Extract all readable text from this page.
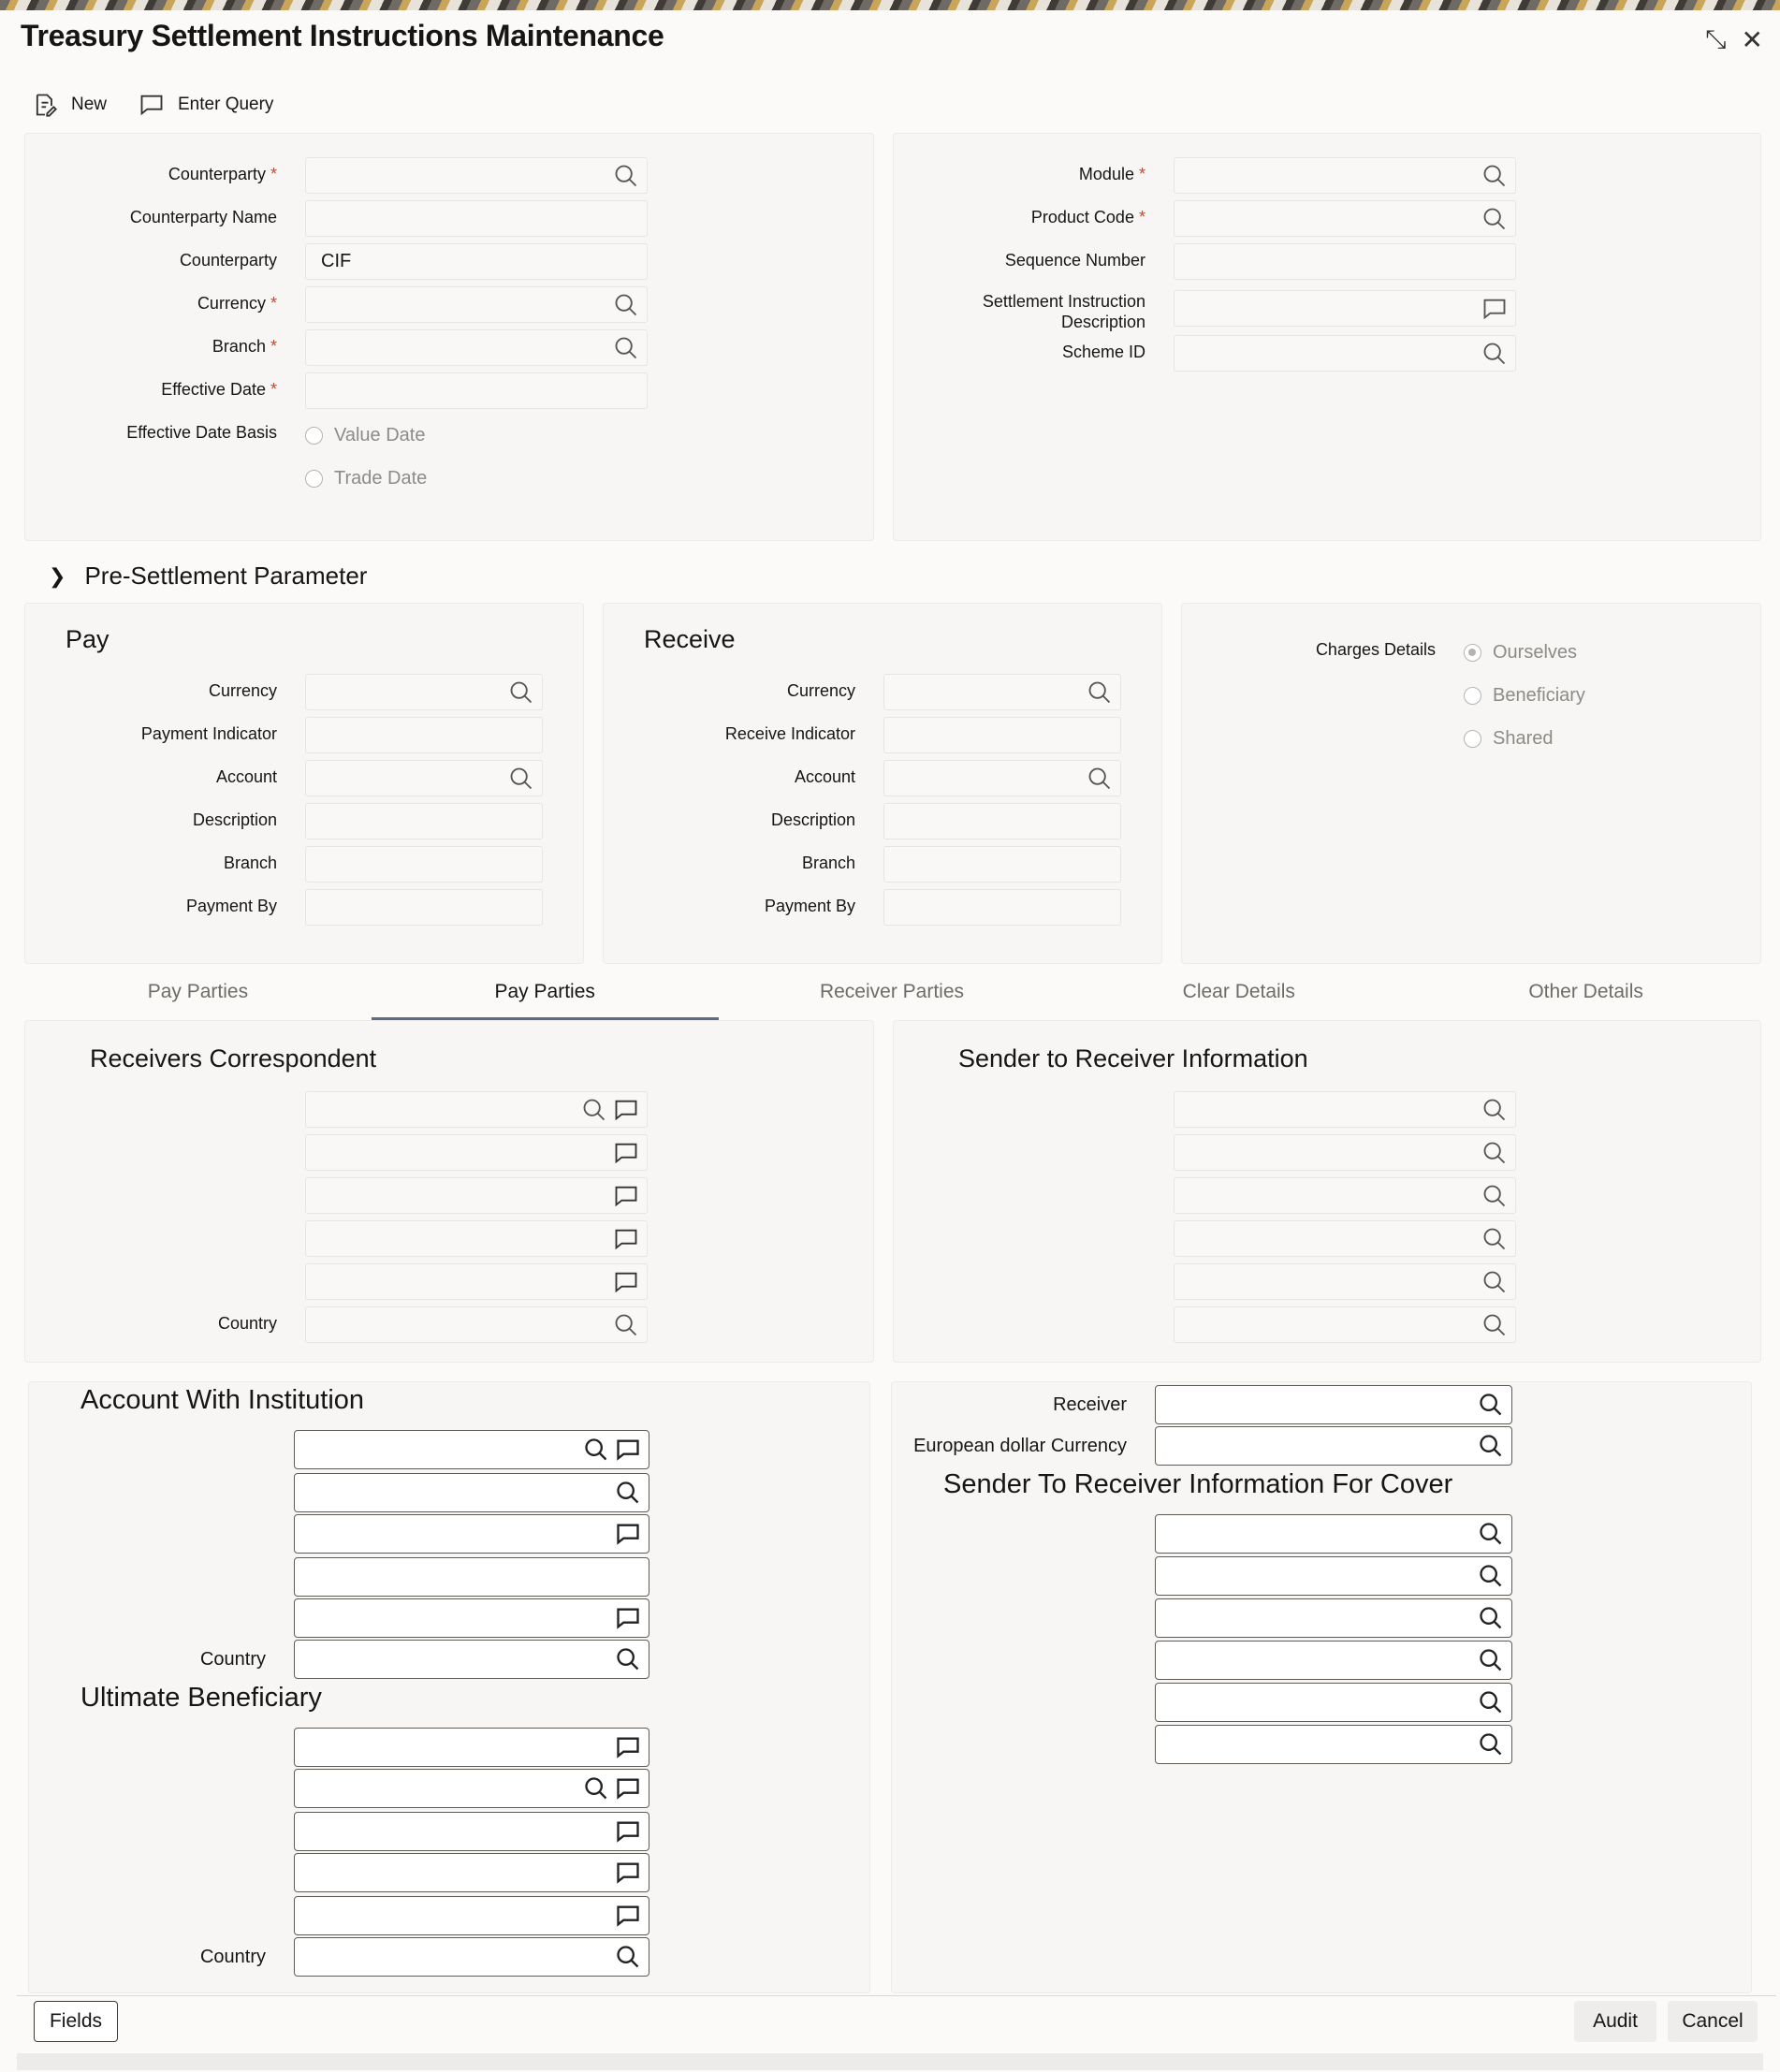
Treasury Settlement Instructions Maintenance	⤡ ✕
New	Enter Query
Counterparty *
Counterparty Name
Counterparty	CIF
Currency *
Branch *
Effective Date *
Effective Date Basis	Value Date
Trade Date
Module *
Product Code *
Sequence Number
Settlement Instruction
Description
Scheme ID
❯ Pre-Settlement Parameter
Pay
Currency
Payment Indicator
Account
Description
Branch
Payment By
Receive
Currency
Receive Indicator
Account
Description
Branch
Payment By
Charges Details	Ourselves
Beneficiary
Shared
Pay Parties	Pay Parties	Receiver Parties	Clear Details	Other Details
Receivers Correspondent
Country
Sender to Receiver Information
Account With Institution
Country
Ultimate Beneficiary
Country
Receiver
European dollar Currency
Sender To Receiver Information For Cover
Fields	Audit	Cancel
